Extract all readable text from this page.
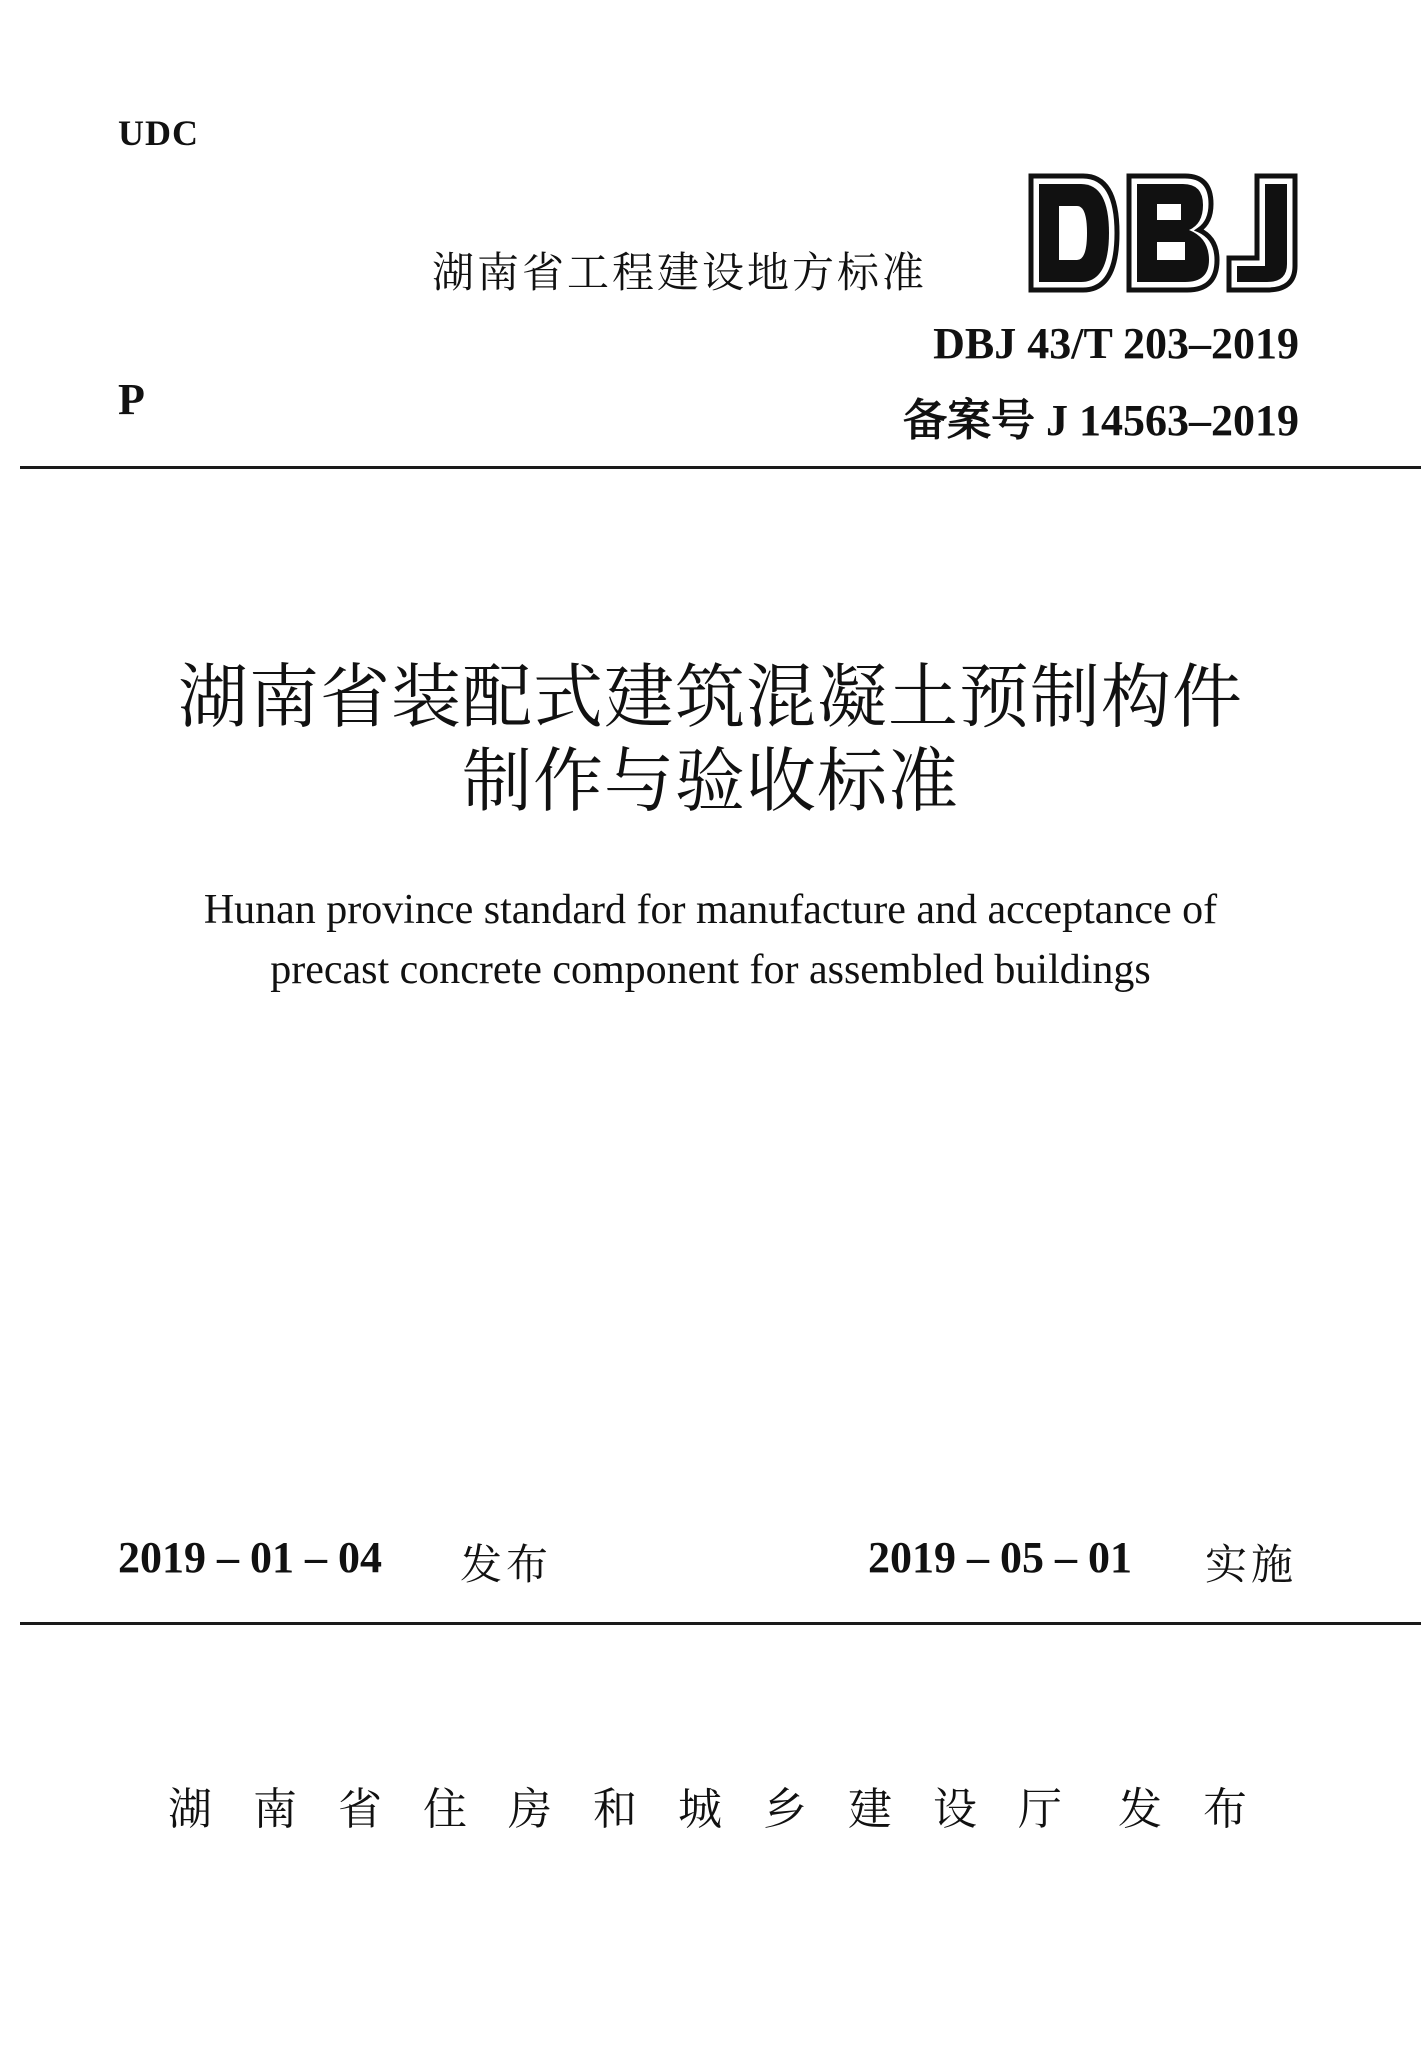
UDC
湖南省工程建设地方标准
DBJ 43/T 203–2019
P	备案号 J 14563–2019
湖南省装配式建筑混凝土预制构件
制作与验收标准
Hunan province standard for manufacture and acceptance of
precast concrete component for assembled buildings
2019 – 01 – 04 发布	2019 – 05 – 01 实施
湖南省住房和城乡建设厅 发布
